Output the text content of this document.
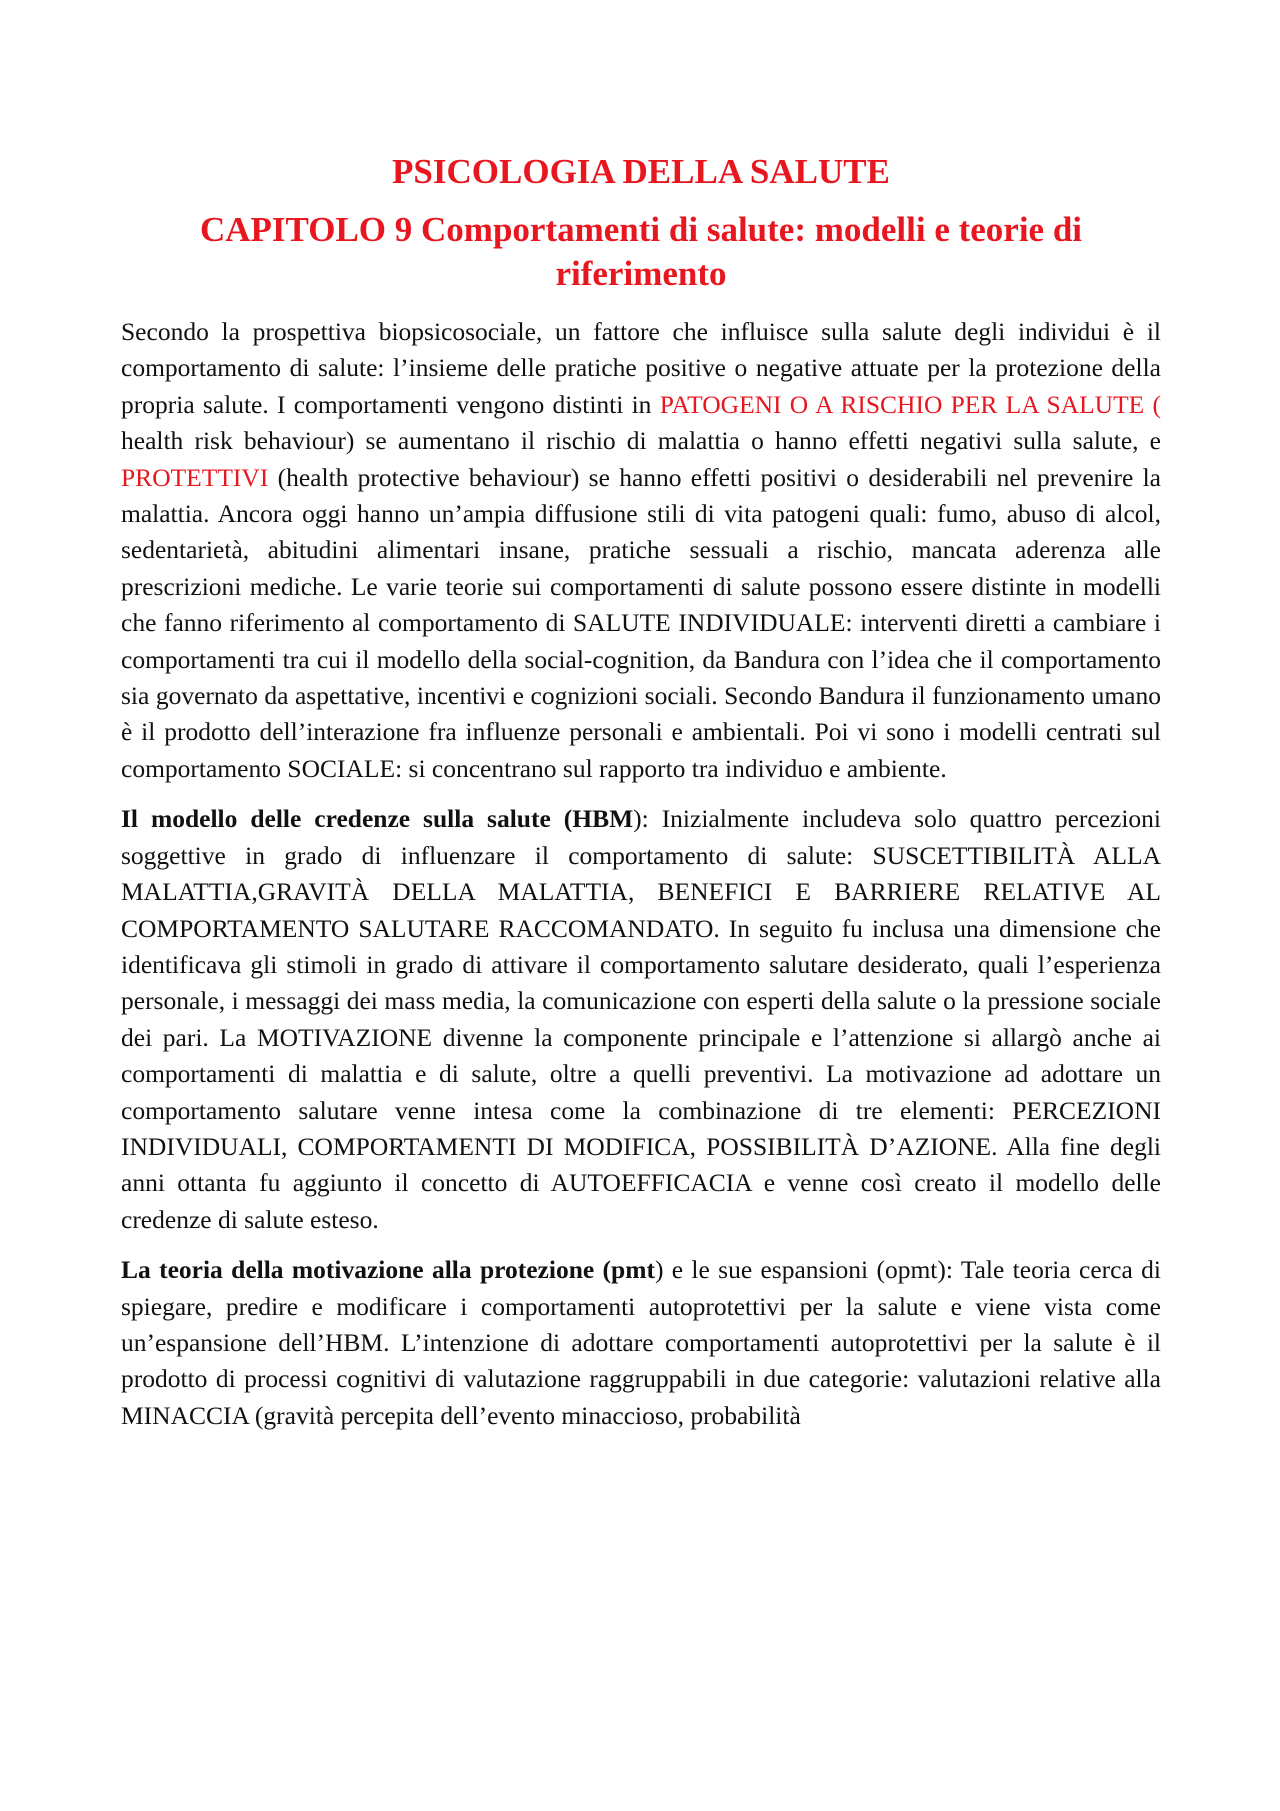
PSICOLOGIA DELLA SALUTE
CAPITOLO 9 Comportamenti di salute: modelli e teorie di riferimento

Secondo la prospettiva biopsicosociale, un fattore che influisce sulla salute degli individui è il comportamento di salute: l’insieme delle pratiche positive o negative attuate per la protezione della propria salute. I comportamenti vengono distinti in PATOGENI O A RISCHIO PER LA SALUTE ( health risk behaviour) se aumentano il rischio di malattia o hanno effetti negativi sulla salute, e PROTETTIVI (health protective behaviour) se hanno effetti positivi o desiderabili nel prevenire la malattia. Ancora oggi hanno un’ampia diffusione stili di vita patogeni quali: fumo, abuso di alcol, sedentarietà, abitudini alimentari insane, pratiche sessuali a rischio, mancata aderenza alle prescrizioni mediche. Le varie teorie sui comportamenti di salute possono essere distinte in modelli che fanno riferimento al comportamento di SALUTE INDIVIDUALE: interventi diretti a cambiare i comportamenti tra cui il modello della social-cognition, da Bandura con l’idea che il comportamento sia governato da aspettative, incentivi e cognizioni sociali. Secondo Bandura il funzionamento umano è il prodotto dell’interazione fra influenze personali e ambientali. Poi vi sono i modelli centrati sul comportamento SOCIALE: si concentrano sul rapporto tra individuo e ambiente.

Il modello delle credenze sulla salute (HBM): Inizialmente includeva solo quattro percezioni soggettive in grado di influenzare il comportamento di salute: SUSCETTIBILITÀ ALLA MALATTIA,GRAVITÀ DELLA MALATTIA, BENEFICI E BARRIERE RELATIVE AL COMPORTAMENTO SALUTARE RACCOMANDATO. In seguito fu inclusa una dimensione che identificava gli stimoli in grado di attivare il comportamento salutare desiderato, quali l’esperienza personale, i messaggi dei mass media, la comunicazione con esperti della salute o la pressione sociale dei pari. La MOTIVAZIONE divenne la componente principale e l’attenzione si allargò anche ai comportamenti di malattia e di salute, oltre a quelli preventivi. La motivazione ad adottare un comportamento salutare venne intesa come la combinazione di tre elementi: PERCEZIONI INDIVIDUALI, COMPORTAMENTI DI MODIFICA, POSSIBILITÀ D’AZIONE. Alla fine degli anni ottanta fu aggiunto il concetto di AUTOEFFICACIA e venne così creato il modello delle credenze di salute esteso.

La teoria della motivazione alla protezione (pmt) e le sue espansioni (opmt): Tale teoria cerca di spiegare, predire e modificare i comportamenti autoprotettivi per la salute e viene vista come un’espansione dell’HBM. L’intenzione di adottare comportamenti autoprotettivi per la salute è il prodotto di processi cognitivi di valutazione raggruppabili in due categorie: valutazioni relative alla MINACCIA (gravità percepita dell’evento minaccioso, probabilità
